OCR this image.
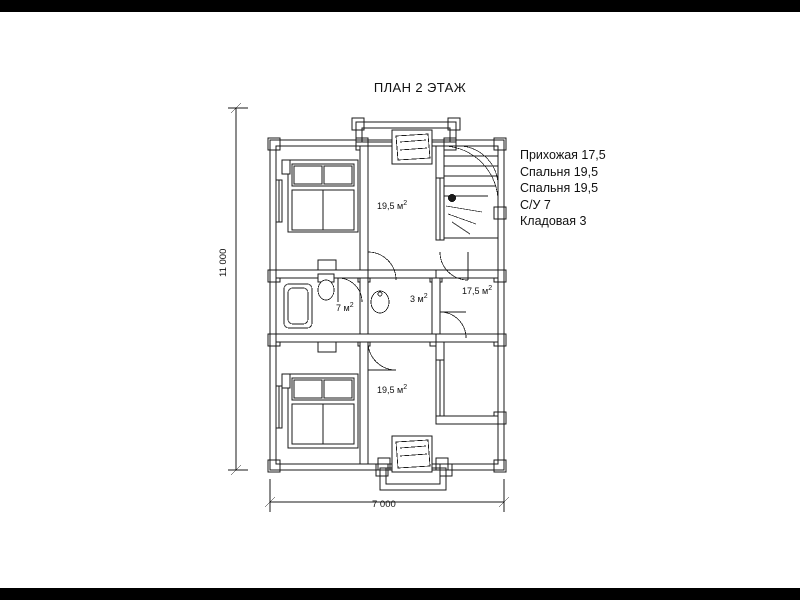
ПЛАН 2 ЭТАЖ
Прихожая 17,5
Спальня 19,5
Спальня 19,5
С/У 7
Кладовая 3
11 000
7 000
19,5 $м^2$
7 $м^2$
3 $м^2$
17,5 $м^2$
19,5 $м^2$
